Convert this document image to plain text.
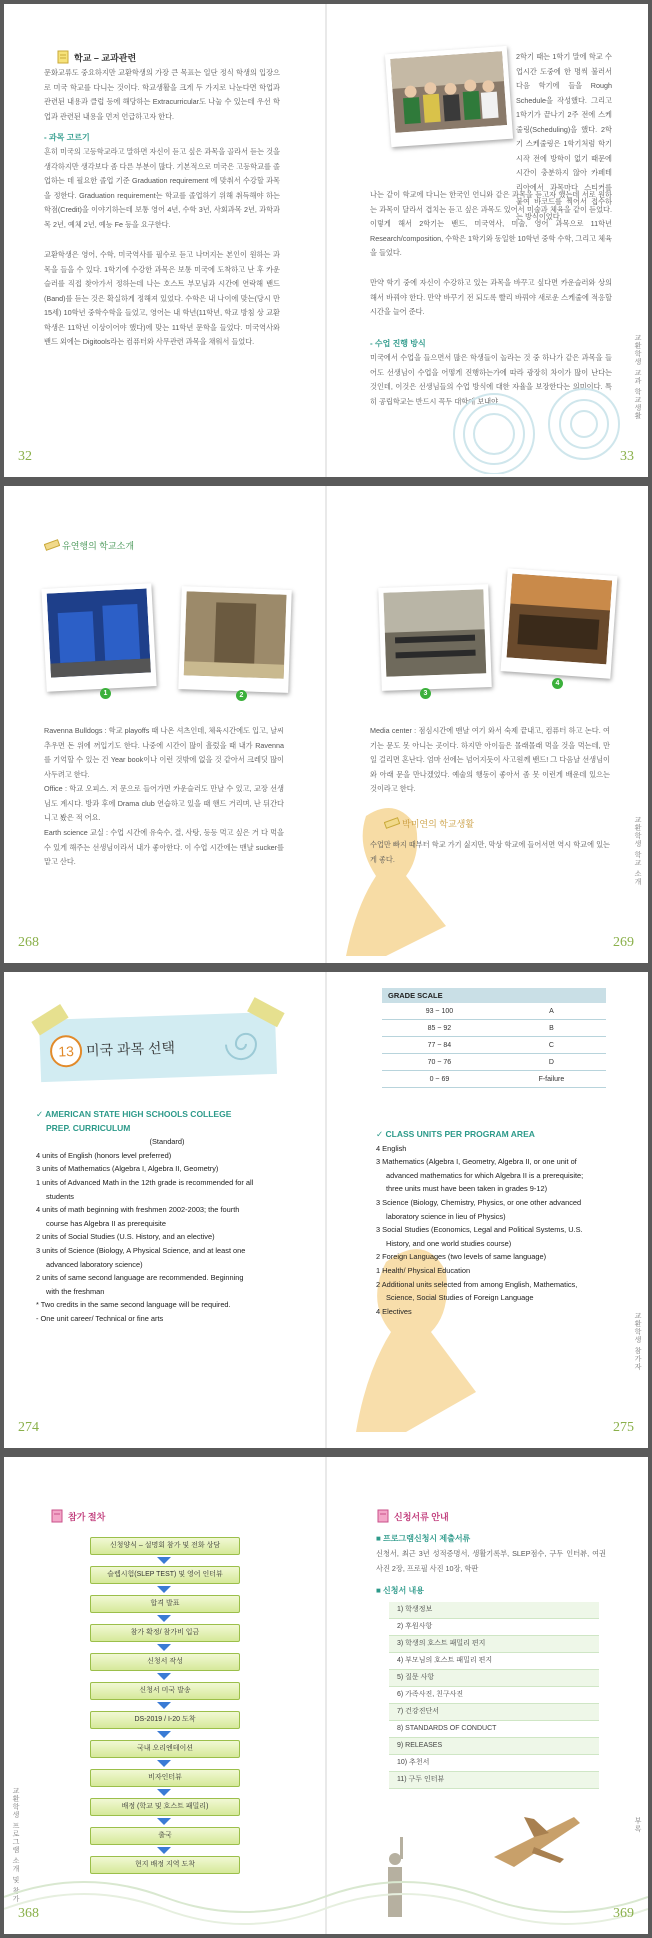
학교 – 교과관련
문화교류도 중요하지만 교환학생의 가장 큰 목표는 일단 정식 학생의 입장으로 미국 학교를 다니는 것이다. 학교생활을 크게 두 가지로 나눈다면 학업과 관련된 내용과 클럽 등에 해당하는 Extracurricular도 나눌 수 있는데 우선 학업과 관련된 내용을 먼저 언급하고자 한다.
- 과목 고르기
흔히 미국의 고등학교라고 말하면 자신이 듣고 싶은 과목을 골라서 듣는 것을 생각하지만 생각보다 좀 다른 부분이 많다. 기본적으로 미국은 고등학교를 졸업하는 데 필요한 졸업 기준 Graduation requirement 에 맞춰서 수강할 과목을 정한다. Graduation requirement는 학교를 졸업하기 위해 취득해야 하는 학점(Credit)을 이야기하는데 보통 영어 4년, 수학 3년, 사회과목 2년, 과학과목 2년, 예체 2년, 예능 Fe 등을 요구한다.
교환학생은 영어, 수학, 미국역사를 필수로 듣고 나머지는 본인이 원하는 과목을 들을 수 있다. 1학기에 수강한 과목은 보통 미국에 도착하고 난 후 카운슬러를 직접 찾아가서 정하는데 나는 호스트 부모님과 시간에 연락해 밴드(Band)를 듣는 것은 확실하게 정해져 있었다. 수학은 내 나이에 맞는(당시 만 15세) 10학년 중학수학을 들었고, 영어는 내 학년(11학년, 학교 방침 상 교환학생은 11학년 이상이어야 했다)에 맞는 11학년 문학을 들었다. 미국역사와 밴드 외에는 Digitools라는 컴퓨터와 사무관련 과목을 채워서 들었다.
32
2학기 때는 1학기 말에 학교 수업시간 도중에 한 명씩 불러서 다음 학기에 들을 Rough Schedule을 작성했다. 그리고 1학기가 끝나기 2주 전에 스케줄링(Scheduling)을 했다. 2학기 스케줄링은 1학기처럼 학기 시작 전에 방학이 없기 때문에 시간이 충분하지 않아 카페테리아에서 과목마다 스티커를 붙여 바코드를 찍어서 접수하는 방식이었다.
나는 같이 학교에 다니는 한국인 언니와 같은 과목을 듣고자 했는데 서로 원하는 과목이 달라서 겹치는 듣고 싶은 과목도 있어서 미술과 체육을 같이 듣었다. 이렇게 해서 2학기는 밴드, 미국역사, 미술, 영어 과목으로 11학년 Research/composition, 수학은 1학기와 동일한 10학년 중학 수학, 그리고 체육을 들었다.
만약 학기 중에 자신이 수강하고 있는 과목을 바꾸고 싶다면 카운슬러와 상의해서 바꿔야 한다. 만약 바꾸기 전 되도록 빨리 바꿔야 새로운 스케줄에 적응할 시간을 늘어 준다.
- 수업 진행 방식
미국에서 수업을 들으면서 많은 학생들이 놀라는 것 중 하나가 같은 과목을 들어도 선생님이 수업을 어떻게 진행하는가에 따라 광장히 차이가 많이 난다는 것인데, 이것은 선생님들의 수업 방식에 대한 자율을 보장한다는 의미이다. 특히 공립학교는 반드시 꼭두 대학에 보내야	교환학생 교과 학교생활
33
유연행의 학교소개
1	2	3
4
Ravenna Bulldogs : 학교 playoffs 때 나온 셔츠인데, 체육시간에도 입고, 날씨 추우면 돈 위에 꺼입기도 한다. 나중에 시간이 많이 흘렀을 때 내가 Ravenna를 기억할 수 있는 건 Year book이나 이런 것밖에 없을 것 같아서 크레딧 많이 사두려고 한다.
Office : 학교 오피스. 저 문으로 들어가면 카운슬러도 만날 수 있고, 교장 선생님도 계시다. 방과 후에 Drama club 연습하고 있을 때 핸드 거리며, 난 뒤간다니고 봤은 적 어요.
Earth science 교실 : 수업 시간에 유숙수, 결, 사탕, 등등 먹고 싶은 거 다 먹을 수 있게 해주는 선생님이라서 내가 좋아한다. 이 수업 시간에는 맨날 sucker를 맡고 산다.
268
Media center : 점심시간에 맨날 여기 와서 숙제 끝내고, 컴퓨터 하고 논다. 여기는 문도 못 아니는 곳이다. 하지만 아이들은 몰래몰래 먹을 것을 먹는데, 만일 걸리면 혼난다. 엄마 선에는 넘어지듯이 사고원께 밴드! 그 다음날 선생님이 와 아래 문을 만나겠었다. 예술의 행동이 좋아서 좀 못 이런게 배운데 있으는 것이라고 한다.
박미연의 학교생활
수업만 빠지 때부터 학교 가기 싫지만, 막상 학교에 들어서면 역시 학교에 있는 게 좋다.	교환학생 학교 소개
269
13 미국 과목 선택
✓ AMERICAN STATE HIGH SCHOOLS COLLEGE
PREP. CURRICULUM
(Standard)
4 units of English (honors level preferred)
3 units of Mathematics (Algebra I, Algebra II, Geometry)
1 units of Advanced Math in the 12th grade is recommended for all
students
4 units of math beginning with freshmen 2002-2003; the fourth
course has Algebra II as prerequisite
2 units of Social Studies (U.S. History, and an elective)
3 units of Science (Biology, A Physical Science, and at least one
advanced laboratory science)
2 units of same second language are recommended. Beginning
with the freshman
* Two credits in the same second language will be required.
- One unit career/ Technical or fine arts
274
GRADE SCALE	
93 ~ 100	A
85 ~ 92	B
77 ~ 84	C
70 ~ 76	D
0 ~ 69	F-failure
✓ CLASS UNITS PER PROGRAM AREA
4 English
3 Mathematics (Algebra I, Geometry, Algebra II, or one unit of
advanced mathematics for which Algebra II is a prerequisite;
three units must have been taken in grades 9-12)
3 Science (Biology, Chemistry, Physics, or one other advanced
laboratory science in lieu of Physics)
3 Social Studies (Economics, Legal and Political Systems, U.S.
History, and one world studies course)
2 Foreign Languages (two levels of same language)
1 Health/ Physical Education
2 Additional units selected from among English, Mathematics,
Science, Social Studies of Foreign Language
4 Electives
교환학생 참가자
275
참가 절차
신청양식 – 설명회 참가 및 전화 상담
슬렙시험(SLEP TEST) 및 영어 인터뷰
합격 발표
참가 확정/ 참가비 입금
신청서 작성
신청서 미국 발송
DS-2019 / I-20 도착
국내 오리엔테이션
비자인터뷰
배정 (학교 및 호스트 패밀리)
출국
현지 배정 지역 도착
교환학생 프로그램 소개 및 참가
368
신청서류 안내
■ 프로그램신청시 제출서류
신청서, 최근 3년 성적증명서, 생활기록부, SLEP점수, 구두 인터뷰, 여권 사진 2장, 프로필 사진 10장, 학판
■ 신청서 내용
1) 학생정보
2) 후원사항
3) 학생의 호스트 패밀리 편지
4) 부모님의 호스트 패밀리 편지
5) 질문 사항
6) 가족사진, 친구사진
7) 건강진단서
8) STANDARDS OF CONDUCT
9) RELEASES
10) 추천서
11) 구두 인터뷰
부록
369
